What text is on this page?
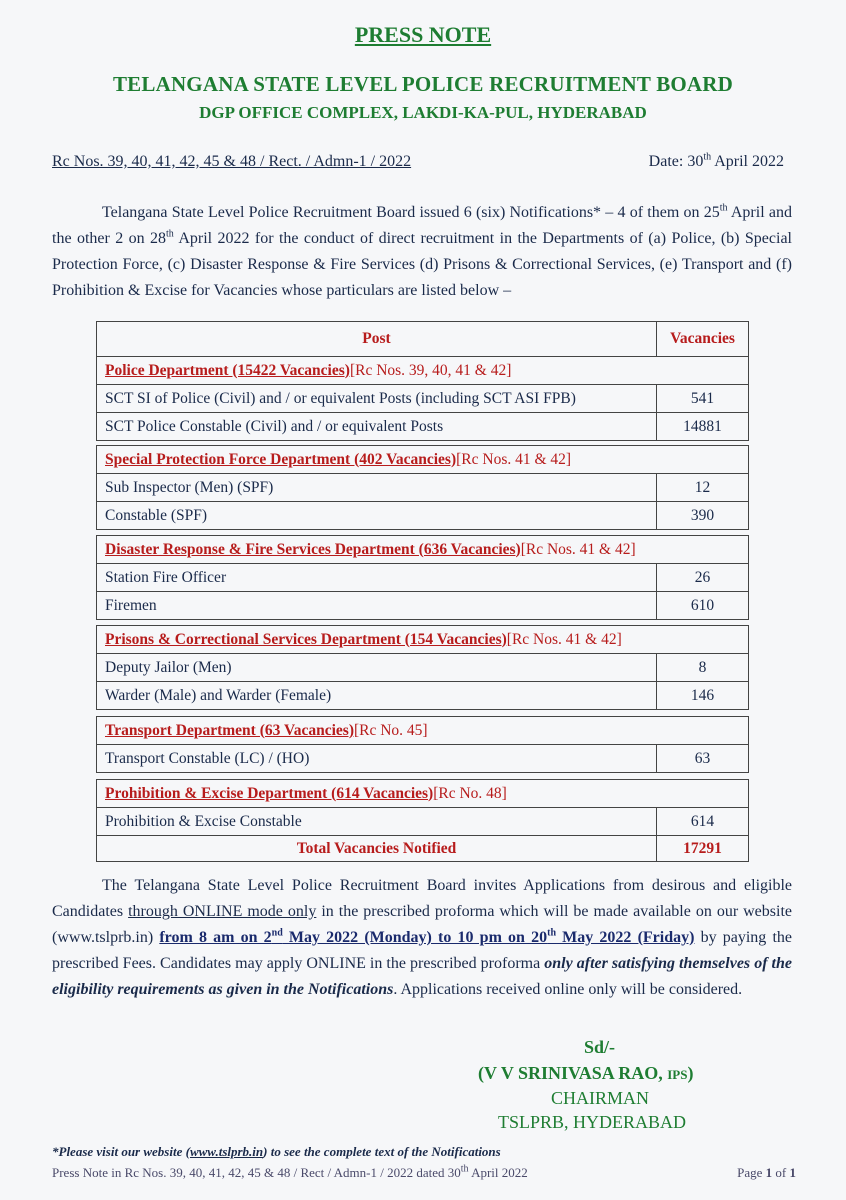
PRESS NOTE
TELANGANA STATE LEVEL POLICE RECRUITMENT BOARD
DGP OFFICE COMPLEX, LAKDI-KA-PUL, HYDERABAD
Rc Nos. 39, 40, 41, 42, 45 & 48 / Rect. / Admn-1 / 2022	Date: 30th April 2022

Telangana State Level Police Recruitment Board issued 6 (six) Notifications* – 4 of them on 25th April and the other 2 on 28th April 2022 for the conduct of direct recruitment in the Departments of (a) Police, (b) Special Protection Force, (c) Disaster Response & Fire Services (d) Prisons & Correctional Services, (e) Transport and (f) Prohibition & Excise for Vacancies whose particulars are listed below –

Post	Vacancies
Police Department (15422 Vacancies) [Rc Nos. 39, 40, 41 & 42]
SCT SI of Police (Civil) and / or equivalent Posts (including SCT ASI FPB)	541
SCT Police Constable (Civil) and / or equivalent Posts	14881
Special Protection Force Department (402 Vacancies) [Rc Nos. 41 & 42]
Sub Inspector (Men) (SPF)	12
Constable (SPF)	390
Disaster Response & Fire Services Department (636 Vacancies) [Rc Nos. 41 & 42]
Station Fire Officer	26
Firemen	610
Prisons & Correctional Services Department (154 Vacancies) [Rc Nos. 41 & 42]
Deputy Jailor (Men)	8
Warder (Male) and Warder (Female)	146
Transport Department (63 Vacancies) [Rc No. 45]
Transport Constable (LC) / (HO)	63
Prohibition & Excise Department (614 Vacancies) [Rc No. 48]
Prohibition & Excise Constable	614
Total Vacancies Notified	17291

The Telangana State Level Police Recruitment Board invites Applications from desirous and eligible Candidates through ONLINE mode only in the prescribed proforma which will be made available on our website (www.tslprb.in) from 8 am on 2nd May 2022 (Monday) to 10 pm on 20th May 2022 (Friday) by paying the prescribed Fees. Candidates may apply ONLINE in the prescribed proforma only after satisfying themselves of the eligibility requirements as given in the Notifications. Applications received online only will be considered.

Sd/-
(V V SRINIVASA RAO, IPS)
CHAIRMAN
TSLPRB, HYDERABAD
*Please visit our website (www.tslprb.in) to see the complete text of the Notifications
Press Note in Rc Nos. 39, 40, 41, 42, 45 & 48 / Rect / Admn-1 / 2022 dated 30th April 2022	Page 1 of 1
